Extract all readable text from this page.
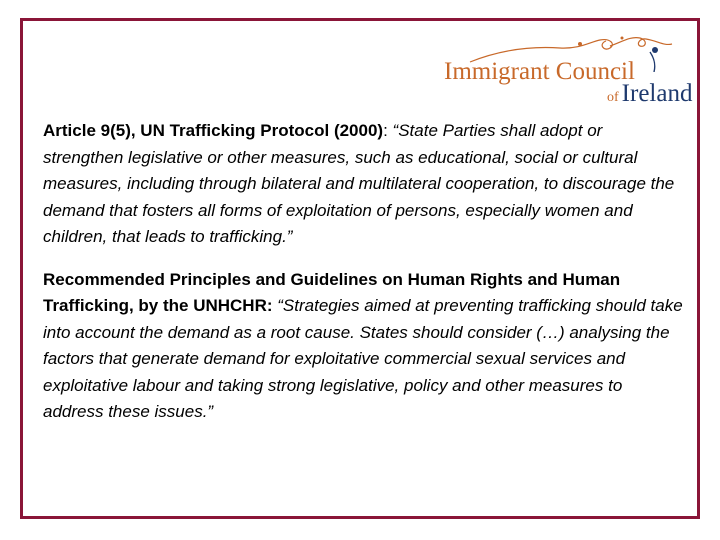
Immigrant Council
of Ireland

Article 9(5), UN Trafficking Protocol (2000): “State Parties shall adopt or strengthen legislative or other measures, such as educational, social or cultural measures, including through bilateral and multilateral cooperation, to discourage the demand that fosters all forms of exploitation of persons, especially women and children, that leads to trafficking.”

Recommended Principles and Guidelines on Human Rights and Human Trafficking, by the UNHCHR: “Strategies aimed at preventing trafficking should take into account the demand as a root cause. States should consider (…) analysing the factors that generate demand for exploitative commercial sexual services and exploitative labour and taking strong legislative, policy and other measures to address these issues.”
